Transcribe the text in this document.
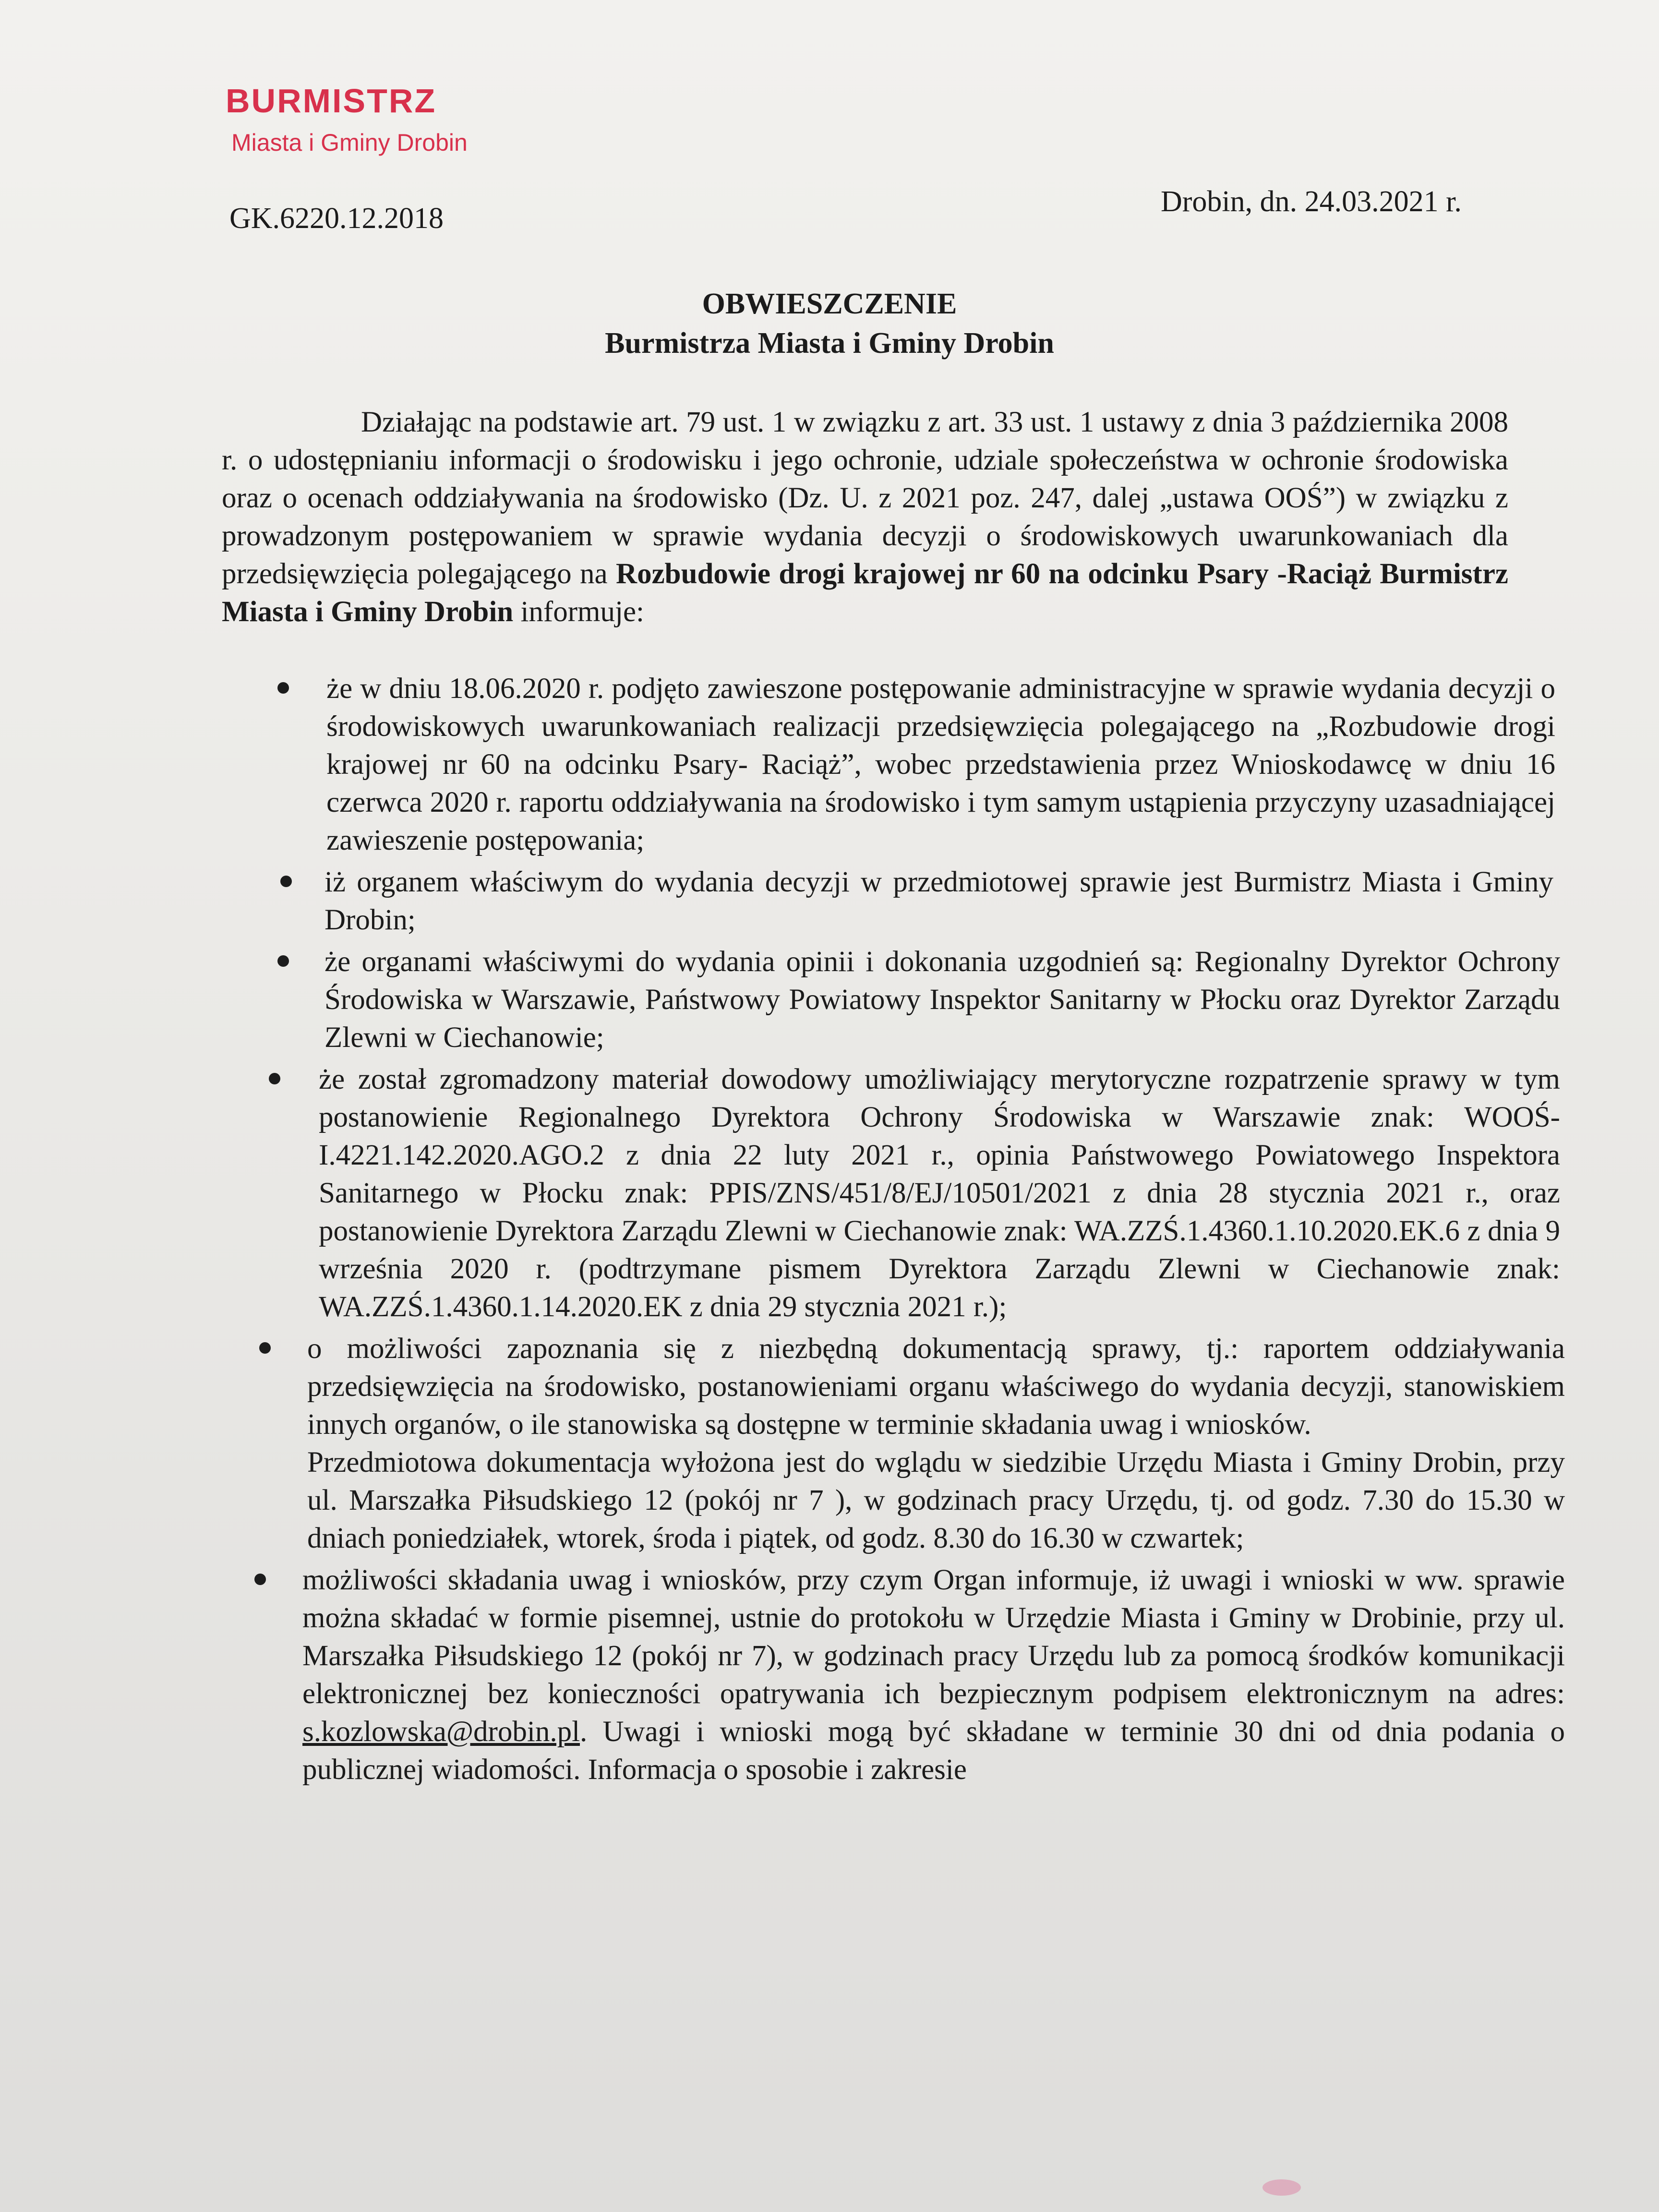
BURMISTRZ
Miasta i Gminy Drobin
GK.6220.12.2018
Drobin, dn. 24.03.2021 r.
OBWIESZCZENIE
Burmistrza Miasta i Gminy Drobin
Działając na podstawie art. 79 ust. 1 w związku z art. 33 ust. 1 ustawy z dnia 3 października 2008 r. o udostępnianiu informacji o środowisku i jego ochronie, udziale społeczeństwa w ochronie środowiska oraz o ocenach oddziaływania na środowisko (Dz. U. z 2021 poz. 247, dalej „ustawa OOŚ”) w związku z prowadzonym postępowaniem w sprawie wydania decyzji o środowiskowych uwarunkowaniach dla przedsięwzięcia polegającego na Rozbudowie drogi krajowej nr 60 na odcinku Psary -Raciąż Burmistrz Miasta i Gminy Drobin informuje:
że w dniu 18.06.2020 r. podjęto zawieszone postępowanie administracyjne w sprawie wydania decyzji o środowiskowych uwarunkowaniach realizacji przedsięwzięcia polegającego na „Rozbudowie drogi krajowej nr 60 na odcinku Psary- Raciąż”, wobec przedstawienia przez Wnioskodawcę w dniu 16 czerwca 2020 r. raportu oddziaływania na środowisko i tym samym ustąpienia przyczyny uzasadniającej zawieszenie postępowania;
iż organem właściwym do wydania decyzji w przedmiotowej sprawie jest Burmistrz Miasta i Gminy Drobin;
że organami właściwymi do wydania opinii i dokonania uzgodnień są: Regionalny Dyrektor Ochrony Środowiska w Warszawie, Państwowy Powiatowy Inspektor Sanitarny w Płocku oraz Dyrektor Zarządu Zlewni w Ciechanowie;
że został zgromadzony materiał dowodowy umożliwiający merytoryczne rozpatrzenie sprawy w tym postanowienie Regionalnego Dyrektora Ochrony Środowiska w Warszawie znak: WOOŚ-I.4221.142.2020.AGO.2 z dnia 22 luty 2021 r., opinia Państwowego Powiatowego Inspektora Sanitarnego w Płocku znak: PPIS/ZNS/451/8/EJ/10501/2021 z dnia 28 stycznia 2021 r., oraz postanowienie Dyrektora Zarządu Zlewni w Ciechanowie znak: WA.ZZŚ.1.4360.1.10.2020.EK.6 z dnia 9 września 2020 r. (podtrzymane pismem Dyrektora Zarządu Zlewni w Ciechanowie znak: WA.ZZŚ.1.4360.1.14.2020.EK z dnia 29 stycznia 2021 r.);
o możliwości zapoznania się z niezbędną dokumentacją sprawy, tj.: raportem oddziaływania przedsięwzięcia na środowisko, postanowieniami organu właściwego do wydania decyzji, stanowiskiem innych organów, o ile stanowiska są dostępne w terminie składania uwag i wniosków.
Przedmiotowa dokumentacja wyłożona jest do wglądu w siedzibie Urzędu Miasta i Gminy Drobin, przy ul. Marszałka Piłsudskiego 12 (pokój nr 7 ), w godzinach pracy Urzędu, tj. od godz. 7.30 do 15.30 w dniach poniedziałek, wtorek, środa i piątek, od godz. 8.30 do 16.30 w czwartek;
możliwości składania uwag i wniosków, przy czym Organ informuje, iż uwagi i wnioski w ww. sprawie można składać w formie pisemnej, ustnie do protokołu w Urzędzie Miasta i Gminy w Drobinie, przy ul. Marszałka Piłsudskiego 12 (pokój nr 7), w godzinach pracy Urzędu lub za pomocą środków komunikacji elektronicznej bez konieczności opatrywania ich bezpiecznym podpisem elektronicznym na adres: s.kozlowska@drobin.pl. Uwagi i wnioski mogą być składane w terminie 30 dni od dnia podania o publicznej wiadomości. Informacja o sposobie i zakresie
